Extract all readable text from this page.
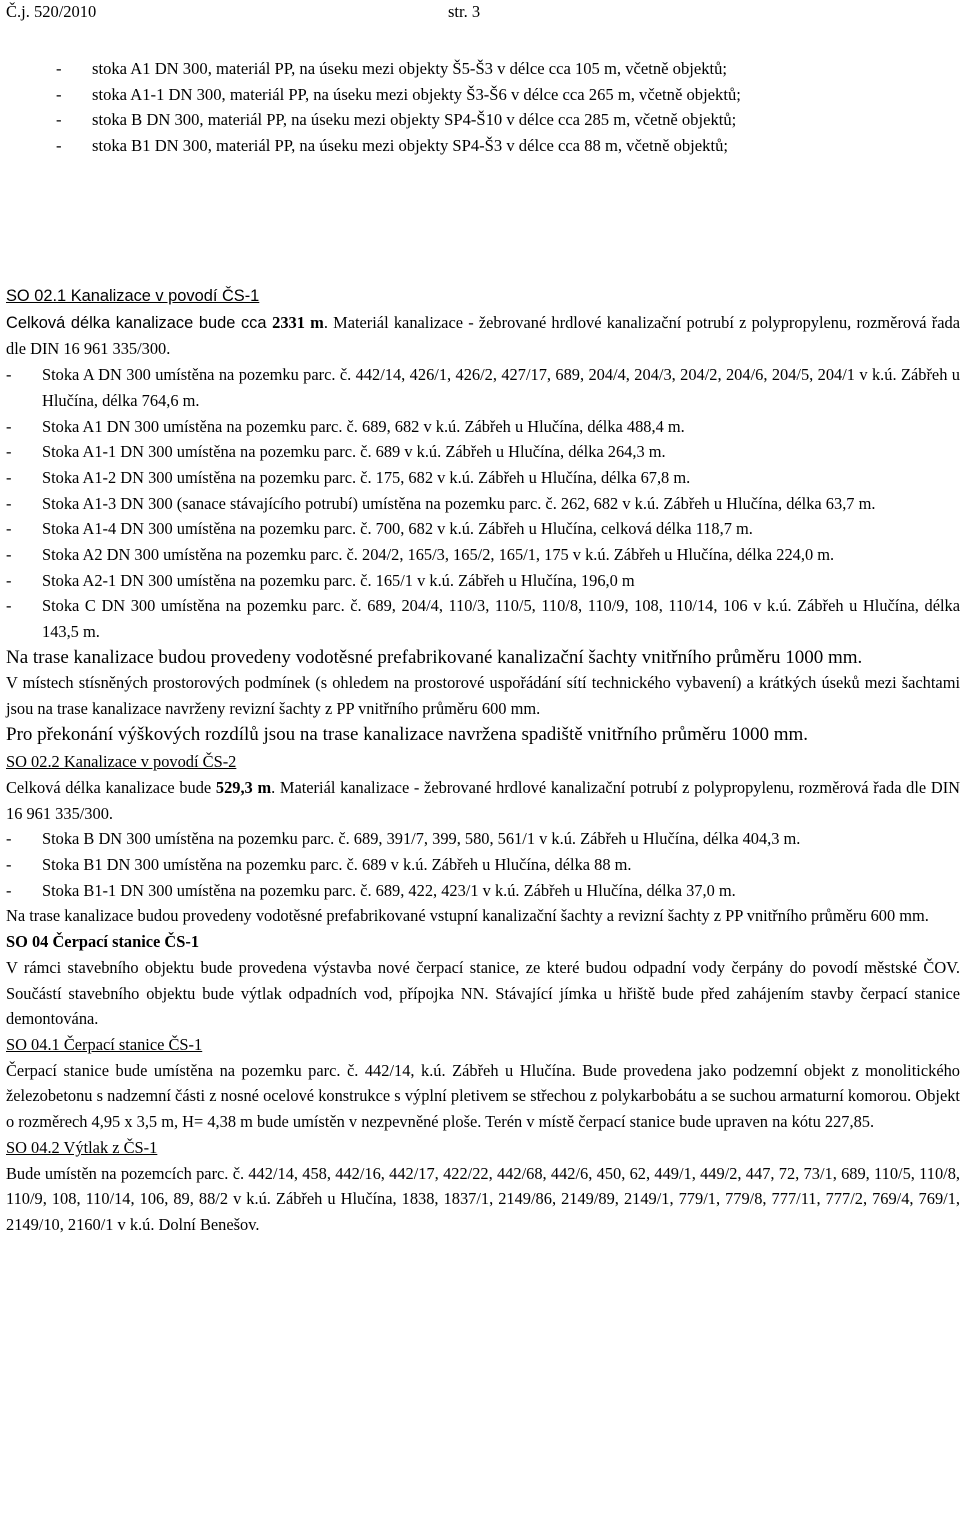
Č.j. 520/2010	str. 3
- stoka A1 DN 300, materiál PP, na úseku mezi objekty Š5-Š3 v délce cca 105 m, včetně objektů;
- stoka A1-1 DN 300, materiál PP, na úseku mezi objekty Š3-Š6 v délce cca 265 m, včetně objektů;
- stoka B DN 300, materiál PP, na úseku mezi objekty SP4-Š10 v délce cca 285 m, včetně objektů;
- stoka B1 DN 300, materiál PP, na úseku mezi objekty SP4-Š3 v délce cca 88 m, včetně objektů;

SO 02.1 Kanalizace v povodí ČS-1

Celková délka kanalizace bude cca 2331 m. Materiál kanalizace - žebrované hrdlové kanalizační potrubí z polypropylenu, rozměrová řada dle DIN 16 961 335/300.

- Stoka A DN 300 umístěna na pozemku parc. č. 442/14, 426/1, 426/2, 427/17, 689, 204/4, 204/3, 204/2, 204/6, 204/5, 204/1 v k.ú. Zábřeh u Hlučína, délka 764,6 m.
- Stoka A1 DN 300 umístěna na pozemku parc. č. 689, 682 v k.ú. Zábřeh u Hlučína, délka 488,4 m.
- Stoka A1-1 DN 300 umístěna na pozemku parc. č. 689 v k.ú. Zábřeh u Hlučína, délka 264,3 m.
- Stoka A1-2 DN 300 umístěna na pozemku parc. č. 175, 682 v k.ú. Zábřeh u Hlučína, délka 67,8 m.
- Stoka A1-3 DN 300 (sanace stávajícího potrubí) umístěna na pozemku parc. č. 262, 682 v k.ú. Zábřeh u Hlučína, délka 63,7 m.
- Stoka A1-4 DN 300 umístěna na pozemku parc. č. 700, 682 v k.ú. Zábřeh u Hlučína, celková délka 118,7 m.
- Stoka A2 DN 300 umístěna na pozemku parc. č. 204/2, 165/3, 165/2, 165/1, 175 v k.ú. Zábřeh u Hlučína, délka 224,0 m.
- Stoka A2-1 DN 300 umístěna na pozemku parc. č. 165/1 v k.ú. Zábřeh u Hlučína, 196,0 m
- Stoka C DN 300 umístěna na pozemku parc. č. 689, 204/4, 110/3, 110/5, 110/8, 110/9, 108, 110/14, 106 v k.ú. Zábřeh u Hlučína, délka 143,5 m.

Na trase kanalizace budou provedeny vodotěsné prefabrikované kanalizační šachty vnitřního průměru 1000 mm.

V místech stísněných prostorových podmínek (s ohledem na prostorové uspořádání sítí technického vybavení) a krátkých úseků mezi šachtami jsou na trase kanalizace navrženy revizní šachty z PP vnitřního průměru 600 mm.

Pro překonání výškových rozdílů jsou na trase kanalizace navržena spadiště vnitřního průměru 1000 mm.

SO 02.2 Kanalizace v povodí ČS-2

Celková délka kanalizace bude 529,3 m. Materiál kanalizace - žebrované hrdlové kanalizační potrubí z polypropylenu, rozměrová řada dle DIN 16 961 335/300.

- Stoka B DN 300 umístěna na pozemku parc. č. 689, 391/7, 399, 580, 561/1 v k.ú. Zábřeh u Hlučína, délka 404,3 m.
- Stoka B1 DN 300 umístěna na pozemku parc. č. 689 v k.ú. Zábřeh u Hlučína, délka 88 m.
- Stoka B1-1 DN 300 umístěna na pozemku parc. č. 689, 422, 423/1 v k.ú. Zábřeh u Hlučína, délka 37,0 m.

Na trase kanalizace budou provedeny vodotěsné prefabrikované vstupní kanalizační šachty a revizní šachty z PP vnitřního průměru 600 mm.

SO 04 Čerpací stanice ČS-1

V rámci stavebního objektu bude provedena výstavba nové čerpací stanice, ze které budou odpadní vody čerpány do povodí městské ČOV. Součástí stavebního objektu bude výtlak odpadních vod, přípojka NN. Stávající jímka u hřiště bude před zahájením stavby čerpací stanice demontována.

SO 04.1 Čerpací stanice ČS-1

Čerpací stanice bude umístěna na pozemku parc. č. 442/14, k.ú. Zábřeh u Hlučína. Bude provedena jako podzemní objekt z monolitického železobetonu s nadzemní části z nosné ocelové konstrukce s výplní pletivem se střechou z polykarbobátu a se suchou armaturní komorou. Objekt o rozměrech 4,95 x 3,5 m, H= 4,38 m bude umístěn v nezpevněné ploše. Terén v místě čerpací stanice bude upraven na kótu 227,85.

SO 04.2 Výtlak z ČS-1

Bude umístěn na pozemcích parc. č. 442/14, 458, 442/16, 442/17, 422/22, 442/68, 442/6, 450, 62, 449/1, 449/2, 447, 72, 73/1, 689, 110/5, 110/8, 110/9, 108, 110/14, 106, 89, 88/2 v k.ú. Zábřeh u Hlučína, 1838, 1837/1, 2149/86, 2149/89, 2149/1, 779/1, 779/8, 777/11, 777/2, 769/4, 769/1, 2149/10, 2160/1 v k.ú. Dolní Benešov.
